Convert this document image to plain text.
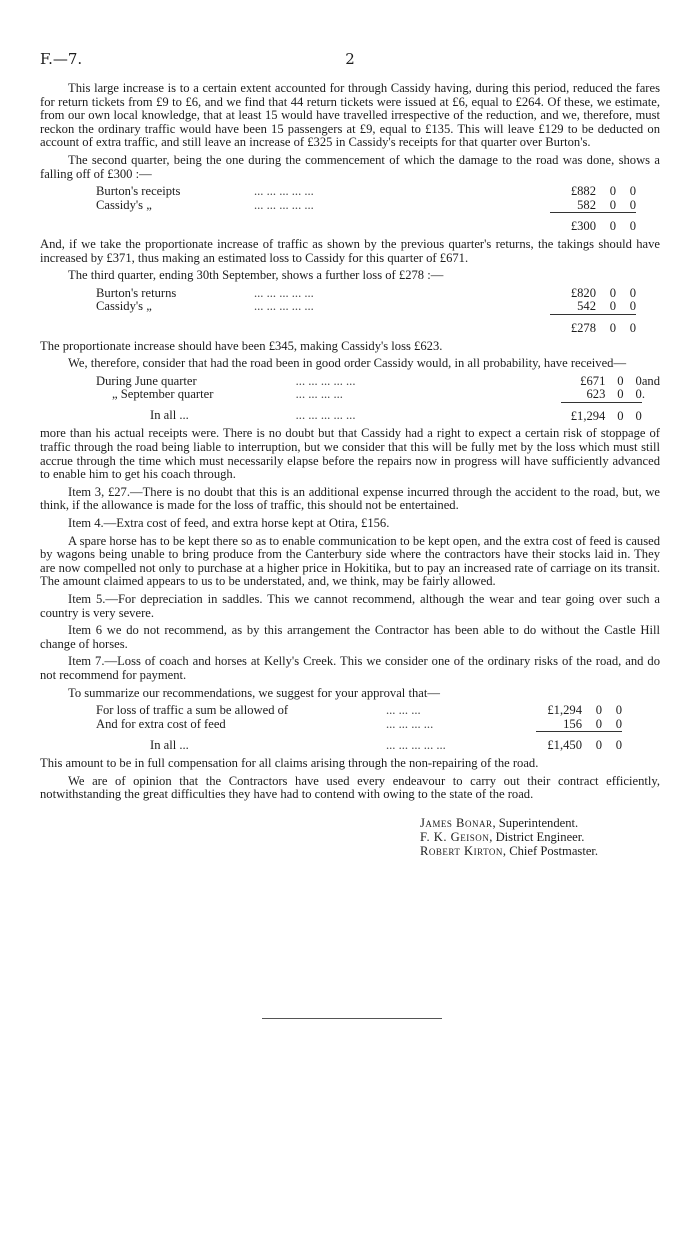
F.—7.	2

This large increase is to a certain extent accounted for through Cassidy having, during this period, reduced the fares for return tickets from £9 to £6, and we find that 44 return tickets were issued at £6, equal to £264. Of these, we estimate, from our own local knowledge, that at least 15 would have travelled irrespective of the reduction, and we, therefore, must reckon the ordinary traffic would have been 15 passengers at £9, equal to £135. This will leave £129 to be deducted on account of extra traffic, and still leave an increase of £325 in Cassidy's receipts for that quarter over Burton's.

The second quarter, being the one during the commencement of which the damage to the road was done, shows a falling off of £300 :—

Burton's receipts	... ... ... ... ...	£882	0	0
Cassidy's „	... ... ... ... ...	582	0	0
		£300	0	0

And, if we take the proportionate increase of traffic as shown by the previous quarter's returns, the takings should have increased by £371, thus making an estimated loss to Cassidy for this quarter of £671.

The third quarter, ending 30th September, shows a further loss of £278 :—

Burton's returns	... ... ... ... ...	£820	0	0
Cassidy's „	... ... ... ... ...	542	0	0
		£278	0	0

The proportionate increase should have been £345, making Cassidy's loss £623.

We, therefore, consider that had the road been in good order Cassidy would, in all probability, have received—

During June quarter	... ... ... ... ...	£671	0	0	and
„ September quarter	... ... ... ...	623	0	0	.
In all ...	... ... ... ... ...	£1,294	0	0	

more than his actual receipts were. There is no doubt but that Cassidy had a right to expect a certain risk of stoppage of traffic through the road being liable to interruption, but we consider that this will be fully met by the loss which must still accrue through the time which must necessarily elapse before the repairs now in progress will have sufficiently advanced to enable him to get his coach through.

Item 3, £27.—There is no doubt that this is an additional expense incurred through the accident to the road, but, we think, if the allowance is made for the loss of traffic, this should not be entertained.

Item 4.—Extra cost of feed, and extra horse kept at Otira, £156.

A spare horse has to be kept there so as to enable communication to be kept open, and the extra cost of feed is caused by wagons being unable to bring produce from the Canterbury side where the contractors have their stocks laid in. They are now compelled not only to purchase at a higher price in Hokitika, but to pay an increased rate of carriage on its transit. The amount claimed appears to us to be understated, and, we think, may be fairly allowed.

Item 5.—For depreciation in saddles. This we cannot recommend, although the wear and tear going over such a country is very severe.

Item 6 we do not recommend, as by this arrangement the Contractor has been able to do without the Castle Hill change of horses.

Item 7.—Loss of coach and horses at Kelly's Creek. This we consider one of the ordinary risks of the road, and do not recommend for payment.

To summarize our recommendations, we suggest for your approval that—

For loss of traffic a sum be allowed of	... ... ...	£1,294	0	0
And for extra cost of feed	... ... ... ...	156	0	0
In all ...	... ... ... ... ...	£1,450	0	0

This amount to be in full compensation for all claims arising through the non-repairing of the road.

We are of opinion that the Contractors have used every endeavour to carry out their contract efficiently, notwithstanding the great difficulties they have had to contend with owing to the state of the road.

James Bonar, Superintendent.
F. K. Geison, District Engineer.
Robert Kirton, Chief Postmaster.
